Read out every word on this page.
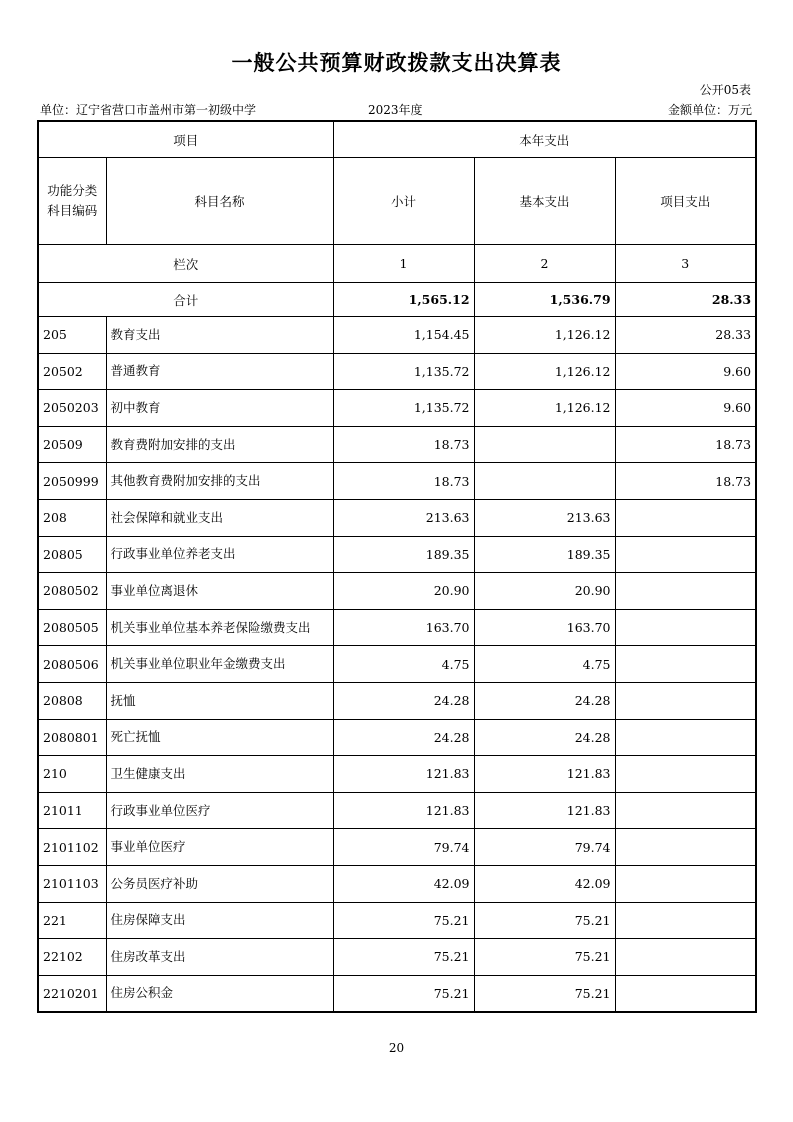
一般公共预算财政拨款支出决算表
公开05表
单位：辽宁省营口市盖州市第一初级中学	2023年度	金额单位：万元
项目		本年支出		
功能分类科目编码	科目名称	小计	基本支出	项目支出
栏次		1	2	3
合计		1,565.12	1,536.79	28.33
205	教育支出	1,154.45	1,126.12	28.33
20502	普通教育	1,135.72	1,126.12	9.60
2050203	初中教育	1,135.72	1,126.12	9.60
20509	教育费附加安排的支出	18.73		18.73
2050999	其他教育费附加安排的支出	18.73		18.73
208	社会保障和就业支出	213.63	213.63	
20805	行政事业单位养老支出	189.35	189.35	
2080502	事业单位离退休	20.90	20.90	
2080505	机关事业单位基本养老保险缴费支出	163.70	163.70	
2080506	机关事业单位职业年金缴费支出	4.75	4.75	
20808	抚恤	24.28	24.28	
2080801	死亡抚恤	24.28	24.28	
210	卫生健康支出	121.83	121.83	
21011	行政事业单位医疗	121.83	121.83	
2101102	事业单位医疗	79.74	79.74	
2101103	公务员医疗补助	42.09	42.09	
221	住房保障支出	75.21	75.21	
22102	住房改革支出	75.21	75.21	
2210201	住房公积金	75.21	75.21	
20
